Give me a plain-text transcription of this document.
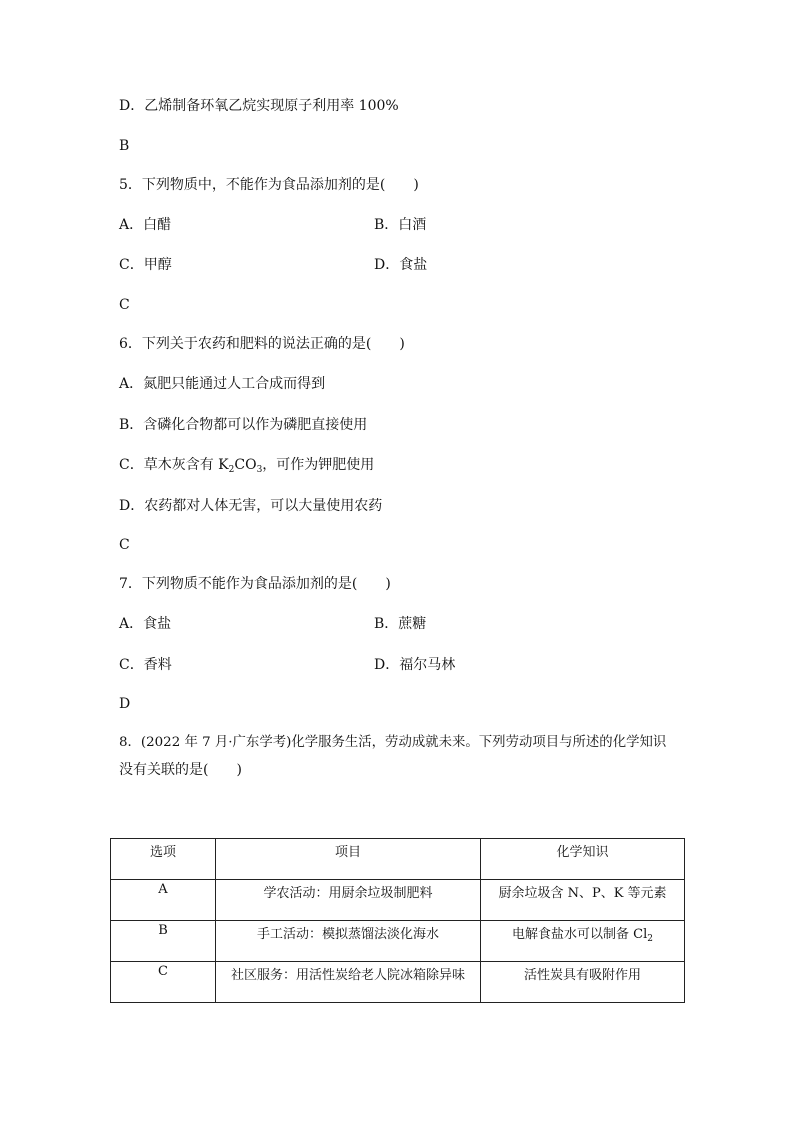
D．乙烯制备环氧乙烷实现原子利用率 100%
B
5．下列物质中，不能作为食品添加剂的是(　　)
A．白醋	B．白酒
C．甲醇	D．食盐
C
6．下列关于农药和肥料的说法正确的是(　　)
A．氮肥只能通过人工合成而得到
B．含磷化合物都可以作为磷肥直接使用
C．草木灰含有 $K_2CO_3$，可作为钾肥使用
D．农药都对人体无害，可以大量使用农药
C
7．下列物质不能作为食品添加剂的是(　　)
A．食盐	B．蔗糖
C．香料	D．福尔马林
D
8．(2022 年 7 月·广东学考)化学服务生活，劳动成就未来。下列劳动项目与所述的化学知识
没有关联的是(　　)
选项	项目	化学知识
A	学农活动：用厨余垃圾制肥料	厨余垃圾含 N、P、K 等元素
B	手工活动：模拟蒸馏法淡化海水	电解食盐水可以制备 $Cl_2$
C	社区服务：用活性炭给老人院冰箱除异味	活性炭具有吸附作用
